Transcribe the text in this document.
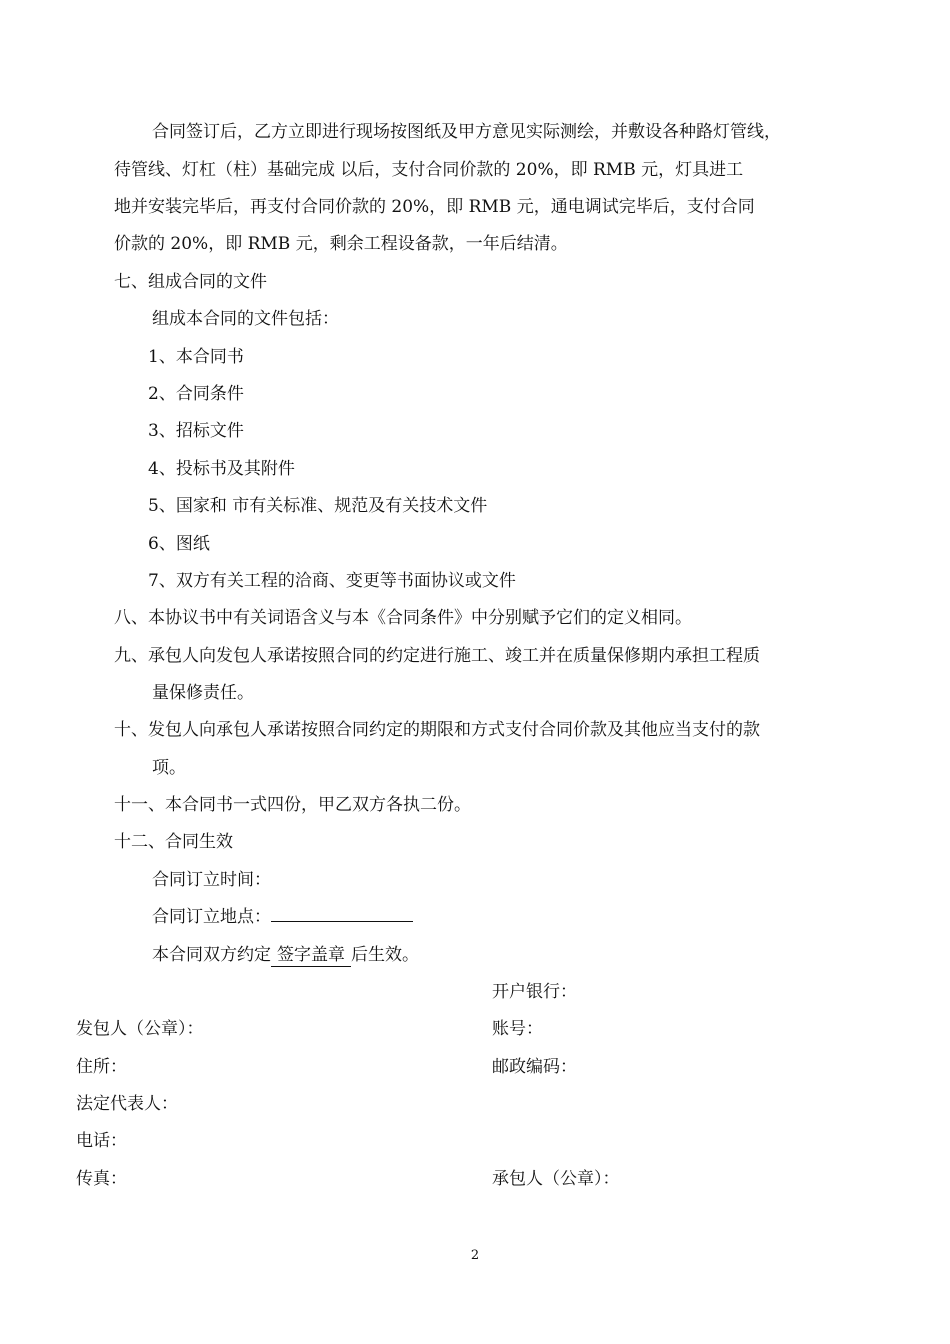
合同签订后，乙方立即进行现场按图纸及甲方意见实际测绘，并敷设各种路灯管线，
待管线、灯杠（柱）基础完成 以后，支付合同价款的 20%，即 RMB 元，灯具进工
地并安装完毕后，再支付合同价款的 20%，即 RMB 元，通电调试完毕后，支付合同
价款的 20%，即 RMB 元，剩余工程设备款，一年后结清。
七、组成合同的文件
组成本合同的文件包括：
1、本合同书
2、合同条件
3、招标文件
4、投标书及其附件
5、国家和 市有关标准、规范及有关技术文件
6、图纸
7、双方有关工程的洽商、变更等书面协议或文件
八、本协议书中有关词语含义与本《合同条件》中分别赋予它们的定义相同。
九、承包人向发包人承诺按照合同的约定进行施工、竣工并在质量保修期内承担工程质
量保修责任。
十、发包人向承包人承诺按照合同约定的期限和方式支付合同价款及其他应当支付的款
项。
十一、本合同书一式四份，甲乙双方各执二份。
十二、合同生效
合同订立时间：
合同订立地点：
本合同双方约定 签字盖章 后生效。
开户银行：
账号：
邮政编码：
承包人（公章）：
发包人（公章）：
住所：
法定代表人：
电话：
传真：
2
